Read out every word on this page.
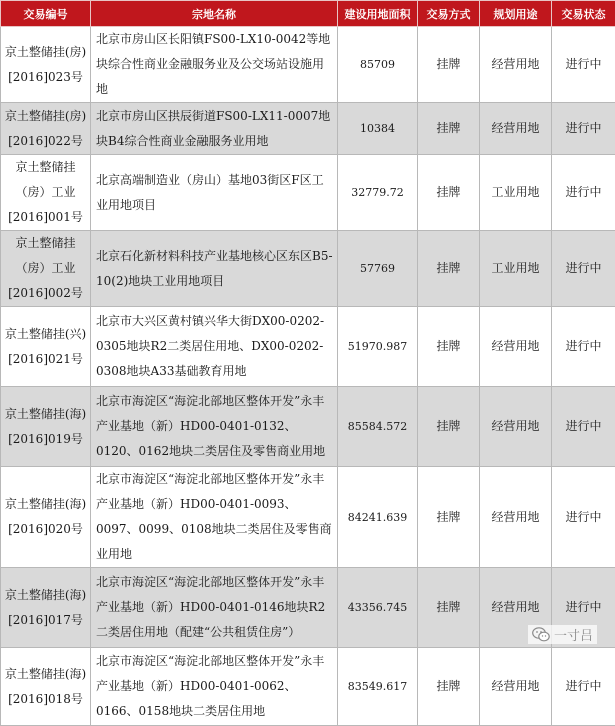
交易编号	宗地名称	建设用地面积	交易方式	规划用途	交易状态
京土整储挂(房)[2016]023号	北京市房山区长阳镇FS00-LX10-0042等地块综合性商业金融服务业及公交场站设施用地	85709	挂牌	经营用地	进行中
京土整储挂(房)[2016]022号	北京市房山区拱辰街道FS00-LX11-0007地块B4综合性商业金融服务业用地	10384	挂牌	经营用地	进行中
京土整储挂（房）工业[2016]001号	北京高端制造业（房山）基地03街区F区工业用地项目	32779.72	挂牌	工业用地	进行中
京土整储挂（房）工业[2016]002号	北京石化新材料科技产业基地核心区东区B5-10(2)地块工业用地项目	57769	挂牌	工业用地	进行中
京土整储挂(兴)[2016]021号	北京市大兴区黄村镇兴华大街DX00-0202-0305地块R2二类居住用地、DX00-0202-0308地块A33基础教育用地	51970.987	挂牌	经营用地	进行中
京土整储挂(海)[2016]019号	北京市海淀区“海淀北部地区整体开发”永丰产业基地（新）HD00-0401-0132、0120、0162地块二类居住及零售商业用地	85584.572	挂牌	经营用地	进行中
京土整储挂(海)[2016]020号	北京市海淀区“海淀北部地区整体开发”永丰产业基地（新）HD00-0401-0093、0097、0099、0108地块二类居住及零售商业用地	84241.639	挂牌	经营用地	进行中
京土整储挂(海)[2016]017号	北京市海淀区“海淀北部地区整体开发”永丰产业基地（新）HD00-0401-0146地块R2二类居住用地（配建“公共租赁住房”）	43356.745	挂牌	经营用地	进行中
京土整储挂(海)[2016]018号	北京市海淀区“海淀北部地区整体开发”永丰产业基地（新）HD00-0401-0062、0166、0158地块二类居住用地	83549.617	挂牌	经营用地	进行中
一寸吕
